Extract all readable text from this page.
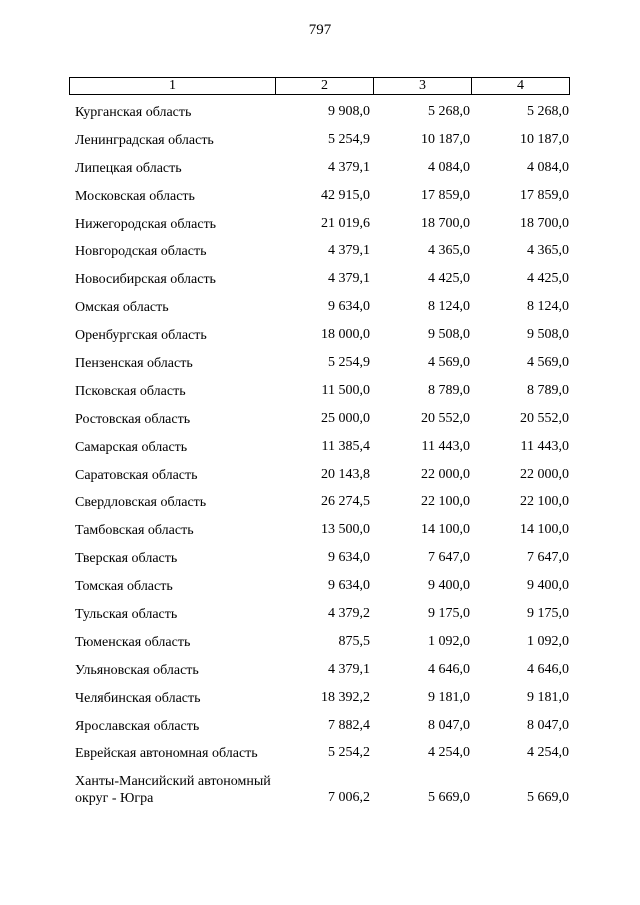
797
1	2	3	4
Курганская область	9 908,0	5 268,0	5 268,0
Ленинградская область	5 254,9	10 187,0	10 187,0
Липецкая область	4 379,1	4 084,0	4 084,0
Московская область	42 915,0	17 859,0	17 859,0
Нижегородская область	21 019,6	18 700,0	18 700,0
Новгородская область	4 379,1	4 365,0	4 365,0
Новосибирская область	4 379,1	4 425,0	4 425,0
Омская область	9 634,0	8 124,0	8 124,0
Оренбургская область	18 000,0	9 508,0	9 508,0
Пензенская область	5 254,9	4 569,0	4 569,0
Псковская область	11 500,0	8 789,0	8 789,0
Ростовская область	25 000,0	20 552,0	20 552,0
Самарская область	11 385,4	11 443,0	11 443,0
Саратовская область	20 143,8	22 000,0	22 000,0
Свердловская область	26 274,5	22 100,0	22 100,0
Тамбовская область	13 500,0	14 100,0	14 100,0
Тверская область	9 634,0	7 647,0	7 647,0
Томская область	9 634,0	9 400,0	9 400,0
Тульская область	4 379,2	9 175,0	9 175,0
Тюменская область	875,5	1 092,0	1 092,0
Ульяновская область	4 379,1	4 646,0	4 646,0
Челябинская область	18 392,2	9 181,0	9 181,0
Ярославская область	7 882,4	8 047,0	8 047,0
Еврейская автономная область	5 254,2	4 254,0	4 254,0
Ханты-Мансийский автономный округ - Югра	7 006,2	5 669,0	5 669,0
